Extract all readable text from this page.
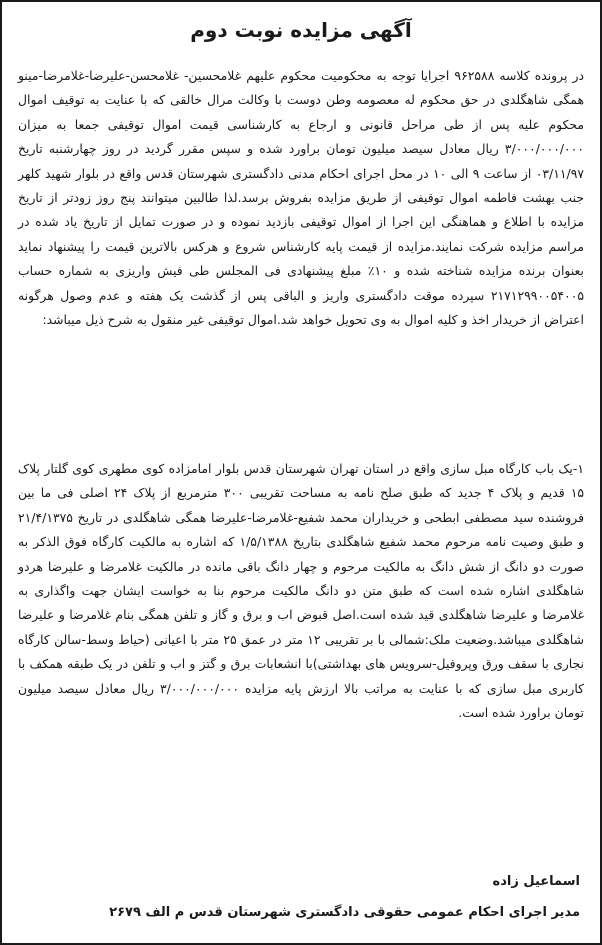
آگهی مزایده نوبت دوم

در پرونده کلاسه ۹۶۲۵۸۸ اجرایا توجه به محکومیت محکوم علیهم غلامحسین- غلامحسن-علیرضا-غلامرضا-مینو همگی شاهگلدی در حق محکوم له معصومه وطن دوست با وکالت مرال خالقی که با عنایت به توقیف اموال محکوم علیه پس از طی مراحل قانونی و ارجاع به کارشناسی قیمت اموال توقیفی جمعا به میزان ۳/۰۰۰/۰۰۰/۰۰۰ ریال معادل سیصد میلیون تومان براورد شده و سپس مقرر گردید در روز چهارشنبه تاریخ ۰۳/۱۱/۹۷ از ساعت ۹ الی ۱۰ در محل اجرای احکام مدنی دادگستری شهرستان قدس واقع در بلوار شهید کلهر جنب بهشت فاطمه اموال توقیفی از طریق مزایده بفروش برسد.لذا طالبین میتوانند پنج روز زودتر از تاریخ مزایده با اطلاع و هماهنگی این اجرا از اموال توقیفی بازدید نموده و در صورت تمایل از تاریخ یاد شده در مراسم مزایده شرکت نمایند.مزایده از قیمت پایه کارشناس شروع و هرکس بالاترین قیمت را پیشنهاد نماید بعنوان برنده مزایده شناخته شده و ۱۰٪ مبلغ پیشنهادی فی المجلس طی فیش واریزی به شماره حساب ۲۱۷۱۲۹۹۰۰۵۴۰۰۵ سپرده موقت دادگستری واریز و الباقی پس از گذشت یک هفته و عدم وصول هرگونه اعتراض از خریدار اخذ و کلیه اموال به وی تحویل خواهد شد.اموال توقیفی غیر منقول به شرح ذیل میباشد:

۱-یک باب کارگاه مبل سازی واقع در استان تهران شهرستان قدس بلوار امامزاده کوی مطهری کوی گلتار پلاک ۱۵ قدیم و پلاک ۴ جدید که طبق صلح نامه به مساحت تقریبی ۳۰۰ مترمربع از پلاک ۲۴ اصلی فی ما بین فروشنده سید مصطفی ابطحی و خریداران محمد شفیع-غلامرضا-علیرضا همگی شاهگلدی در تاریخ ۲۱/۴/۱۳۷۵ و طبق وصیت نامه مرحوم محمد شفیع شاهگلدی بتاریخ ۱/۵/۱۳۸۸ که اشاره به مالکیت کارگاه فوق الذکر به صورت دو دانگ از شش دانگ به مالکیت مرحوم و چهار دانگ باقی مانده در مالکیت غلامرضا و علیرضا هردو شاهگلدی اشاره شده است که طبق متن دو دانگ مالکیت مرحوم بنا به خواست ایشان جهت واگذاری به غلامرضا و علیرضا شاهگلدی قید شده است.اصل قبوض اب و برق و گاز و تلفن همگی بنام غلامرضا و علیرضا شاهگلدی میباشد.وضعیت ملک:شمالی با بر تقریبی ۱۲ متر در عمق ۲۵ متر با اعیانی (حیاط وسط-سالن کارگاه نجاری با سقف ورق وپروفیل-سرویس های بهداشتی)با انشعابات برق و گتز و اب و تلفن در یک طبقه همکف با کاربری مبل سازی که با عنایت به مراتب بالا ارزش پایه مزایده ۳/۰۰۰/۰۰۰/۰۰۰ ریال معادل سیصد میلیون تومان براورد شده است.

اسماعیل زاده
مدیر اجرای احکام عمومی حقوقی دادگستری شهرستان قدس م الف ۲۶۷۹
